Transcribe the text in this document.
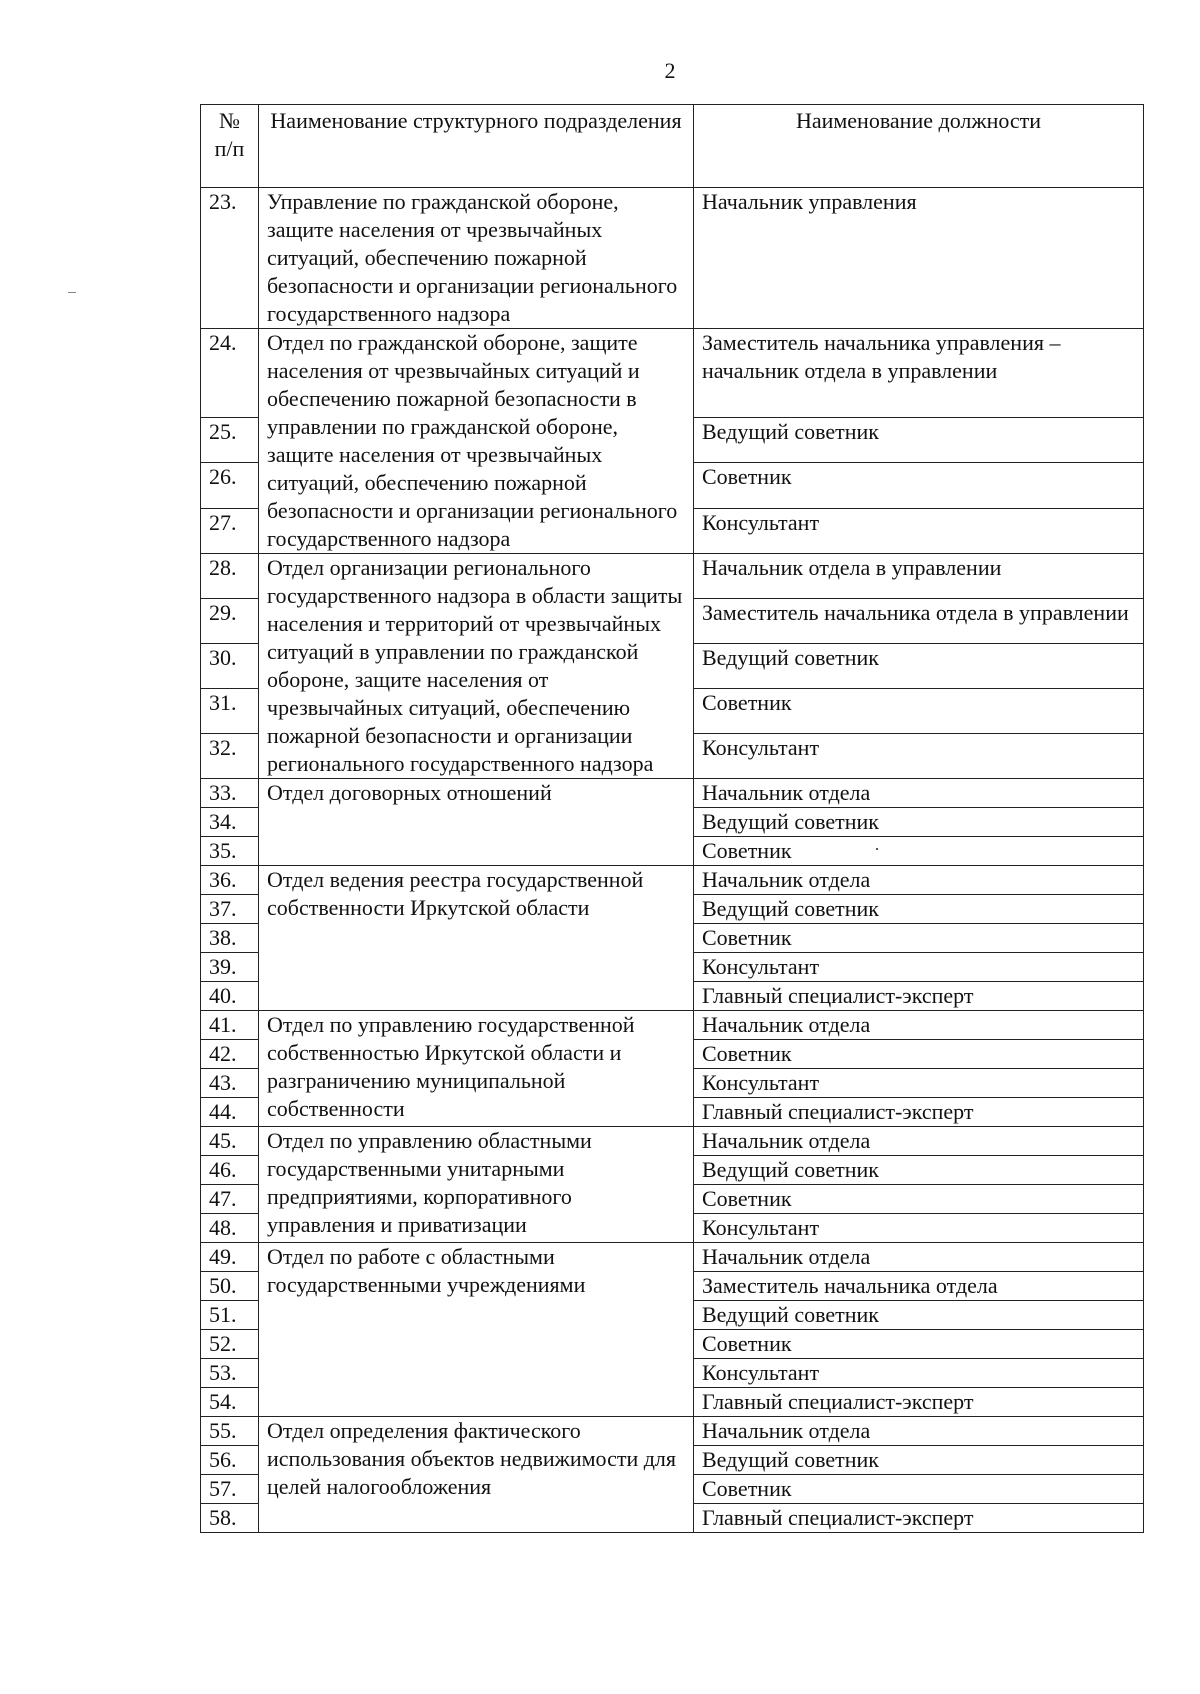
2
№ п/п	Наименование структурного подразделения	Наименование должности
23.	Управление по гражданской обороне, защите населения от чрезвычайных ситуаций, обеспечению пожарной безопасности и организации регионального государственного надзора	Начальник управления
24.	Отдел по гражданской обороне, защите населения от чрезвычайных ситуаций и обеспечению пожарной безопасности в управлении по гражданской обороне, защите населения от чрезвычайных ситуаций, обеспечению пожарной безопасности и организации регионального государственного надзора	Заместитель начальника управления – начальник отдела в управлении
25.		Ведущий советник
26.		Советник
27.		Консультант
28.	Отдел организации регионального государственного надзора в области защиты населения и территорий от чрезвычайных ситуаций в управлении по гражданской обороне, защите населения от чрезвычайных ситуаций, обеспечению пожарной безопасности и организации регионального государственного надзора	Начальник отдела в управлении
29.		Заместитель начальника отдела в управлении
30.		Ведущий советник
31.		Советник
32.		Консультант
33.	Отдел договорных отношений	Начальник отдела
34.		Ведущий советник
35.		Советник
36.	Отдел ведения реестра государственной собственности Иркутской области	Начальник отдела
37.		Ведущий советник
38.		Советник
39.		Консультант
40.		Главный специалист-эксперт
41.	Отдел по управлению государственной собственностью Иркутской области и разграничению муниципальной собственности	Начальник отдела
42.		Советник
43.		Консультант
44.		Главный специалист-эксперт
45.	Отдел по управлению областными государственными унитарными предприятиями, корпоративного управления и приватизации	Начальник отдела
46.		Ведущий советник
47.		Советник
48.		Консультант
49.	Отдел по работе с областными государственными учреждениями	Начальник отдела
50.		Заместитель начальника отдела
51.		Ведущий советник
52.		Советник
53.		Консультант
54.		Главный специалист-эксперт
55.	Отдел определения фактического использования объектов недвижимости для целей налогообложения	Начальник отдела
56.		Ведущий советник
57.		Советник
58.		Главный специалист-эксперт
